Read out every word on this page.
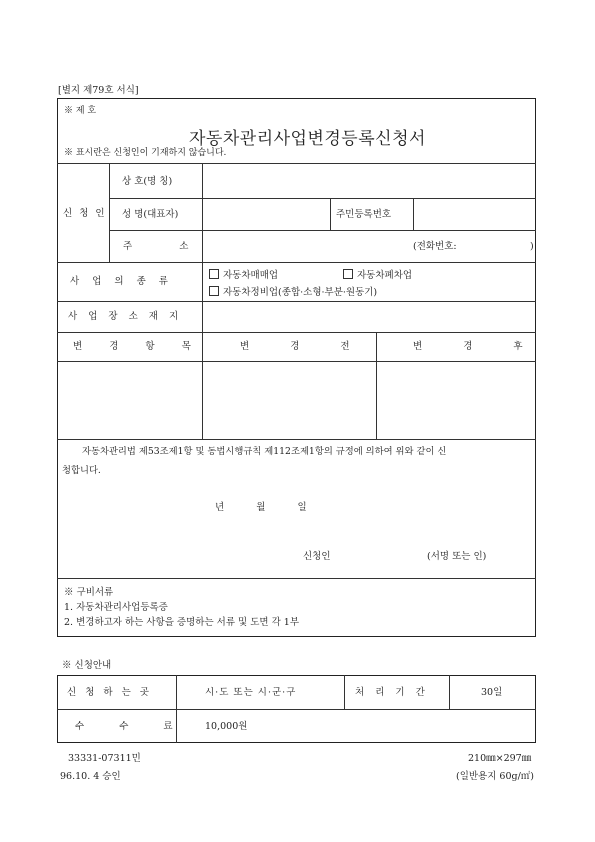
[별지 제79호 서식]
※ 제 호
자동차관리사업변경등록신청서
※ 표시란은 신청인이 기재하지 않습니다.
신 청 인
상 호(명 칭)
성 명(대표자)	주민등록번호
주 소	(전화번호:	)
사 업 의 종 류
자동차매매업	자동차폐차업
자동차정비업(종합·소형·부분·원동기)
사 업 장 소 재 지
변 경 항 목	변 경 전	변 경 후
자동차관리법 제53조제1항 및 동법시행규칙 제112조제1항의 규정에 의하여 위와 같이 신
청합니다.
년    월    일
신청인	(서명 또는 인)
※ 구비서류
1. 자동차관리사업등록증
2. 변경하고자 하는 사항을 증명하는 서류 및 도면 각 1부
※ 신청안내
신 청 하 는 곳	시·도 또는 시·군·구	처 리 기 간	30일
수 수 료 10,000원
33331-07311민
96.10. 4 승인
210㎜×297㎜
(일반용지 60g/㎡)
